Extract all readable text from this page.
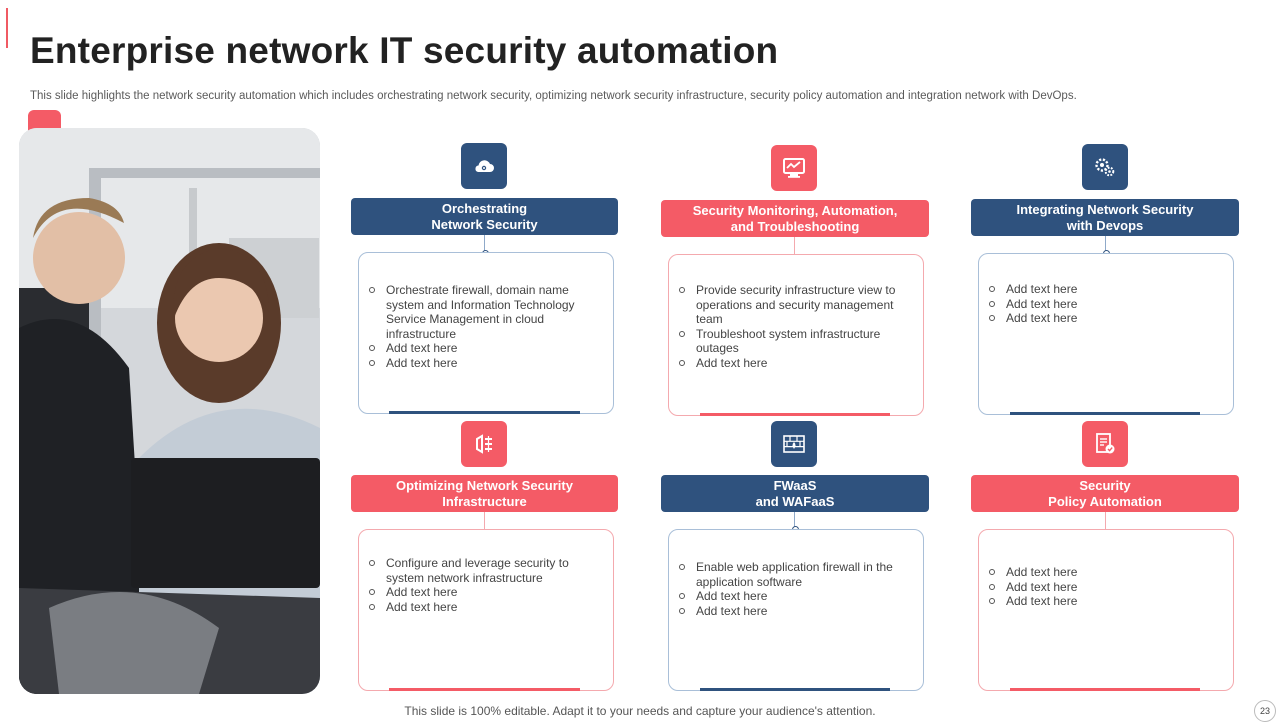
Enterprise network IT security automation
This slide highlights the network security automation which includes orchestrating network security, optimizing network security infrastructure, security policy automation and integration network with DevOps.
Orchestrating
Network Security
Orchestrate firewall, domain name system and Information Technology Service Management in cloud infrastructure
Add text here
Add text here
Security Monitoring, Automation,
and Troubleshooting
Provide security infrastructure view to operations and security management team
Troubleshoot system infrastructure outages
Add text here
Integrating Network Security
with Devops
Add text here
Add text here
Add text here
Optimizing Network Security
Infrastructure
Configure and leverage security to system network infrastructure
Add text here
Add text here
FWaaS
and WAFaaS
Enable web application firewall in the application software
Add text here
Add text here
Security
Policy Automation
Add text here
Add text here
Add text here
This slide is 100% editable. Adapt it to your needs and capture your audience's attention.	23
